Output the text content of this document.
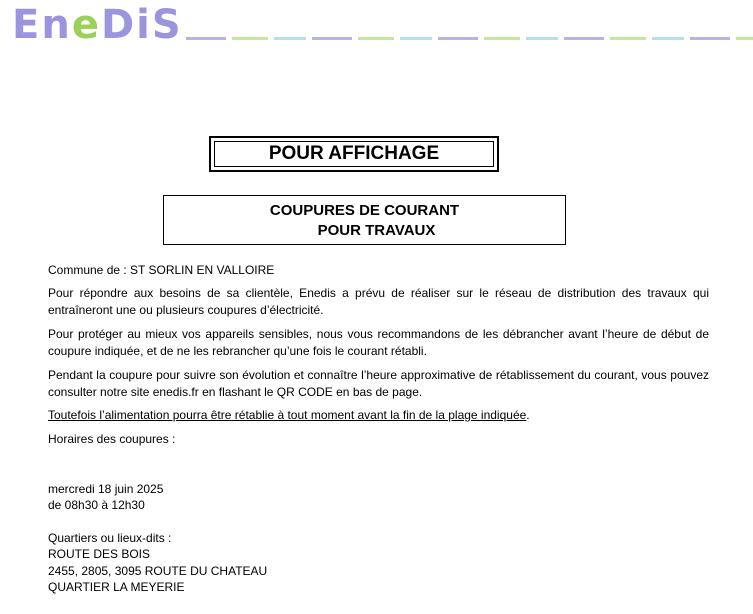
EneDiS
POUR AFFICHAGE
COUPURES DE COURANT
POUR TRAVAUX
Commune de : ST SORLIN EN VALLOIRE
Pour répondre aux besoins de sa clientèle, Enedis a prévu de réaliser sur le réseau de distribution des travaux qui entraîneront une ou plusieurs coupures d’électricité.
Pour protéger au mieux vos appareils sensibles, nous vous recommandons de les débrancher avant l’heure de début de coupure indiquée, et de ne les rebrancher qu’une fois le courant rétabli.
Pendant la coupure pour suivre son évolution et connaître l’heure approximative de rétablissement du courant, vous pouvez consulter notre site enedis.fr en flashant le QR CODE en bas de page.
Toutefois l’alimentation pourra être rétablie à tout moment avant la fin de la plage indiquée.
Horaires des coupures :
mercredi 18 juin 2025
de 08h30 à 12h30
Quartiers ou lieux-dits :
ROUTE DES BOIS
2455, 2805, 3095 ROUTE DU CHATEAU
QUARTIER LA MEYERIE
